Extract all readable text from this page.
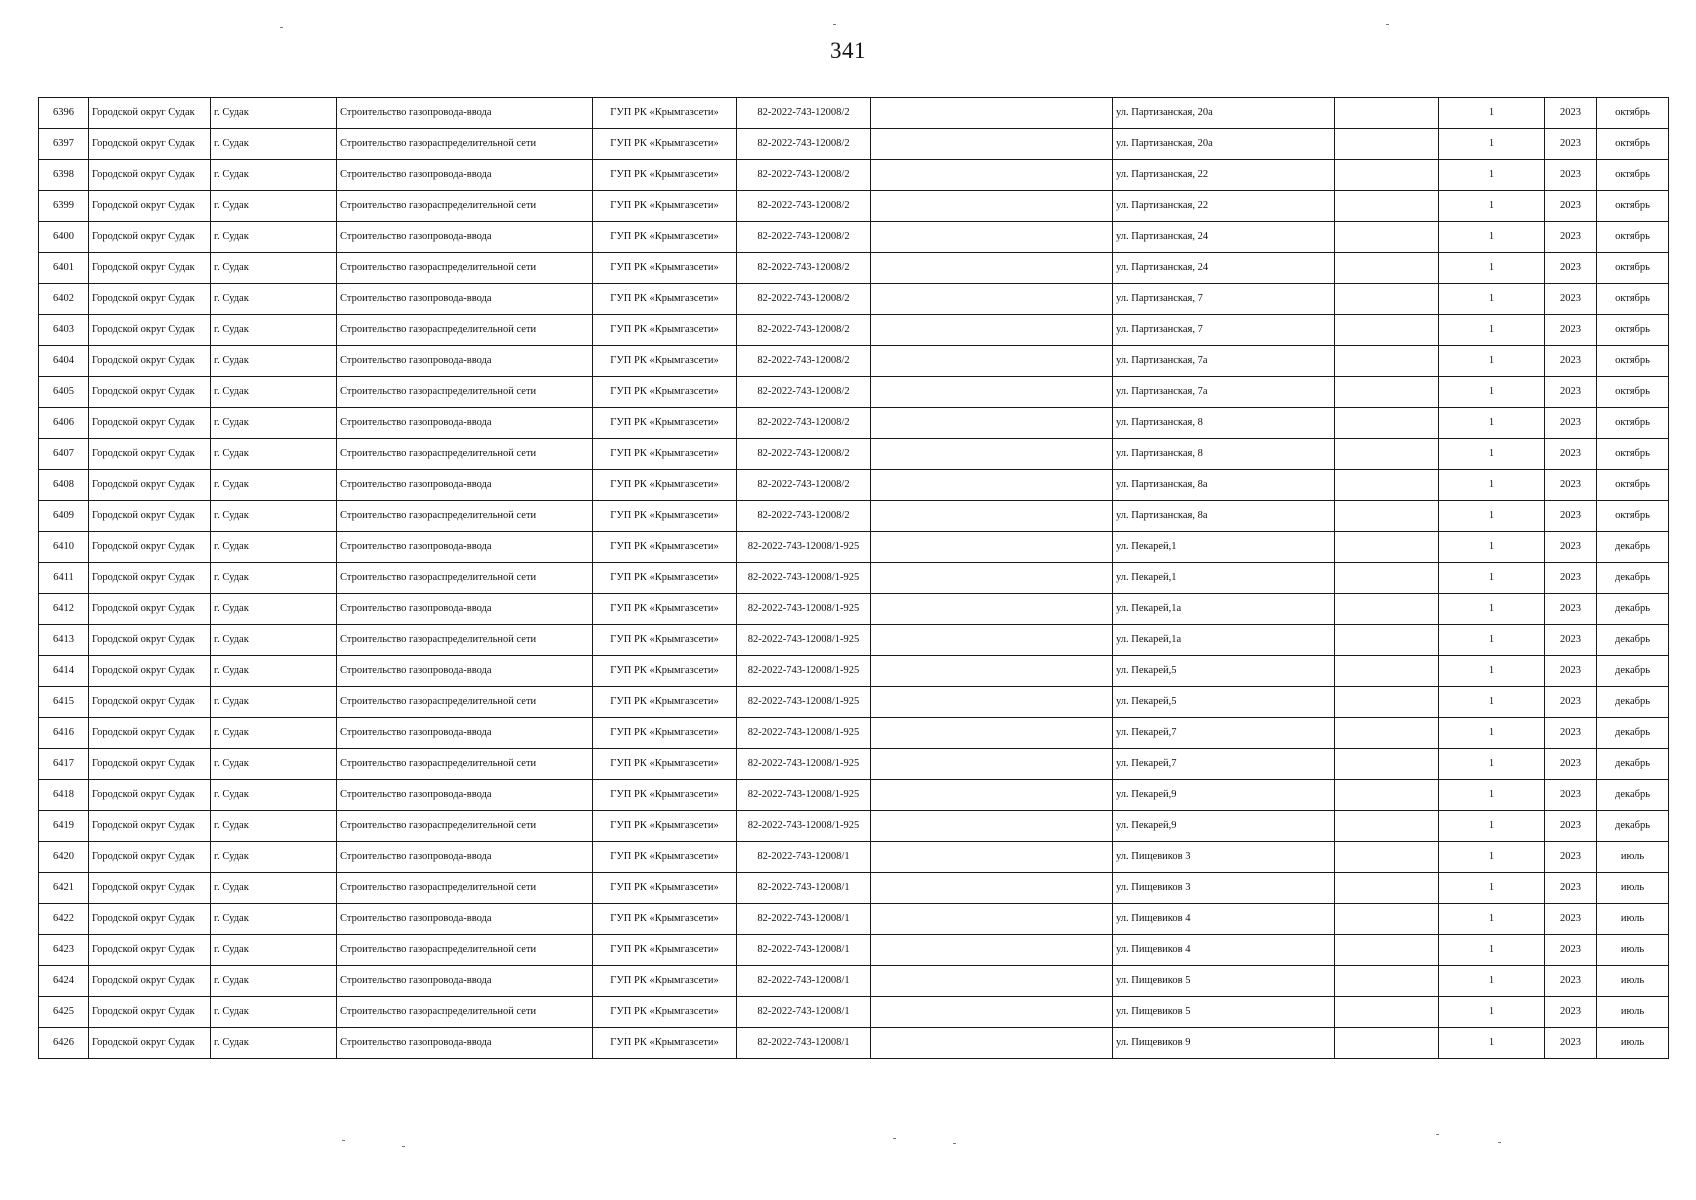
341
6396	Городской округ Судак	г. Судак	Строительство газопровода-ввода	ГУП РК «Крымгазсети»	82-2022-743-12008/2		ул. Партизанская, 20а		1	2023	октябрь
6397	Городской округ Судак	г. Судак	Строительство газораспределительной сети	ГУП РК «Крымгазсети»	82-2022-743-12008/2		ул. Партизанская, 20а		1	2023	октябрь
6398	Городской округ Судак	г. Судак	Строительство газопровода-ввода	ГУП РК «Крымгазсети»	82-2022-743-12008/2		ул. Партизанская, 22		1	2023	октябрь
6399	Городской округ Судак	г. Судак	Строительство газораспределительной сети	ГУП РК «Крымгазсети»	82-2022-743-12008/2		ул. Партизанская, 22		1	2023	октябрь
6400	Городской округ Судак	г. Судак	Строительство газопровода-ввода	ГУП РК «Крымгазсети»	82-2022-743-12008/2		ул. Партизанская, 24		1	2023	октябрь
6401	Городской округ Судак	г. Судак	Строительство газораспределительной сети	ГУП РК «Крымгазсети»	82-2022-743-12008/2		ул. Партизанская, 24		1	2023	октябрь
6402	Городской округ Судак	г. Судак	Строительство газопровода-ввода	ГУП РК «Крымгазсети»	82-2022-743-12008/2		ул. Партизанская, 7		1	2023	октябрь
6403	Городской округ Судак	г. Судак	Строительство газораспределительной сети	ГУП РК «Крымгазсети»	82-2022-743-12008/2		ул. Партизанская, 7		1	2023	октябрь
6404	Городской округ Судак	г. Судак	Строительство газопровода-ввода	ГУП РК «Крымгазсети»	82-2022-743-12008/2		ул. Партизанская, 7а		1	2023	октябрь
6405	Городской округ Судак	г. Судак	Строительство газораспределительной сети	ГУП РК «Крымгазсети»	82-2022-743-12008/2		ул. Партизанская, 7а		1	2023	октябрь
6406	Городской округ Судак	г. Судак	Строительство газопровода-ввода	ГУП РК «Крымгазсети»	82-2022-743-12008/2		ул. Партизанская, 8		1	2023	октябрь
6407	Городской округ Судак	г. Судак	Строительство газораспределительной сети	ГУП РК «Крымгазсети»	82-2022-743-12008/2		ул. Партизанская, 8		1	2023	октябрь
6408	Городской округ Судак	г. Судак	Строительство газопровода-ввода	ГУП РК «Крымгазсети»	82-2022-743-12008/2		ул. Партизанская, 8а		1	2023	октябрь
6409	Городской округ Судак	г. Судак	Строительство газораспределительной сети	ГУП РК «Крымгазсети»	82-2022-743-12008/2		ул. Партизанская, 8а		1	2023	октябрь
6410	Городской округ Судак	г. Судак	Строительство газопровода-ввода	ГУП РК «Крымгазсети»	82-2022-743-12008/1-925		ул. Пекарей,1		1	2023	декабрь
6411	Городской округ Судак	г. Судак	Строительство газораспределительной сети	ГУП РК «Крымгазсети»	82-2022-743-12008/1-925		ул. Пекарей,1		1	2023	декабрь
6412	Городской округ Судак	г. Судак	Строительство газопровода-ввода	ГУП РК «Крымгазсети»	82-2022-743-12008/1-925		ул. Пекарей,1а		1	2023	декабрь
6413	Городской округ Судак	г. Судак	Строительство газораспределительной сети	ГУП РК «Крымгазсети»	82-2022-743-12008/1-925		ул. Пекарей,1а		1	2023	декабрь
6414	Городской округ Судак	г. Судак	Строительство газопровода-ввода	ГУП РК «Крымгазсети»	82-2022-743-12008/1-925		ул. Пекарей,5		1	2023	декабрь
6415	Городской округ Судак	г. Судак	Строительство газораспределительной сети	ГУП РК «Крымгазсети»	82-2022-743-12008/1-925		ул. Пекарей,5		1	2023	декабрь
6416	Городской округ Судак	г. Судак	Строительство газопровода-ввода	ГУП РК «Крымгазсети»	82-2022-743-12008/1-925		ул. Пекарей,7		1	2023	декабрь
6417	Городской округ Судак	г. Судак	Строительство газораспределительной сети	ГУП РК «Крымгазсети»	82-2022-743-12008/1-925		ул. Пекарей,7		1	2023	декабрь
6418	Городской округ Судак	г. Судак	Строительство газопровода-ввода	ГУП РК «Крымгазсети»	82-2022-743-12008/1-925		ул. Пекарей,9		1	2023	декабрь
6419	Городской округ Судак	г. Судак	Строительство газораспределительной сети	ГУП РК «Крымгазсети»	82-2022-743-12008/1-925		ул. Пекарей,9		1	2023	декабрь
6420	Городской округ Судак	г. Судак	Строительство газопровода-ввода	ГУП РК «Крымгазсети»	82-2022-743-12008/1		ул. Пищевиков 3		1	2023	июль
6421	Городской округ Судак	г. Судак	Строительство газораспределительной сети	ГУП РК «Крымгазсети»	82-2022-743-12008/1		ул. Пищевиков 3		1	2023	июль
6422	Городской округ Судак	г. Судак	Строительство газопровода-ввода	ГУП РК «Крымгазсети»	82-2022-743-12008/1		ул. Пищевиков 4		1	2023	июль
6423	Городской округ Судак	г. Судак	Строительство газораспределительной сети	ГУП РК «Крымгазсети»	82-2022-743-12008/1		ул. Пищевиков 4		1	2023	июль
6424	Городской округ Судак	г. Судак	Строительство газопровода-ввода	ГУП РК «Крымгазсети»	82-2022-743-12008/1		ул. Пищевиков 5		1	2023	июль
6425	Городской округ Судак	г. Судак	Строительство газораспределительной сети	ГУП РК «Крымгазсети»	82-2022-743-12008/1		ул. Пищевиков 5		1	2023	июль
6426	Городской округ Судак	г. Судак	Строительство газопровода-ввода	ГУП РК «Крымгазсети»	82-2022-743-12008/1		ул. Пищевиков 9		1	2023	июль
